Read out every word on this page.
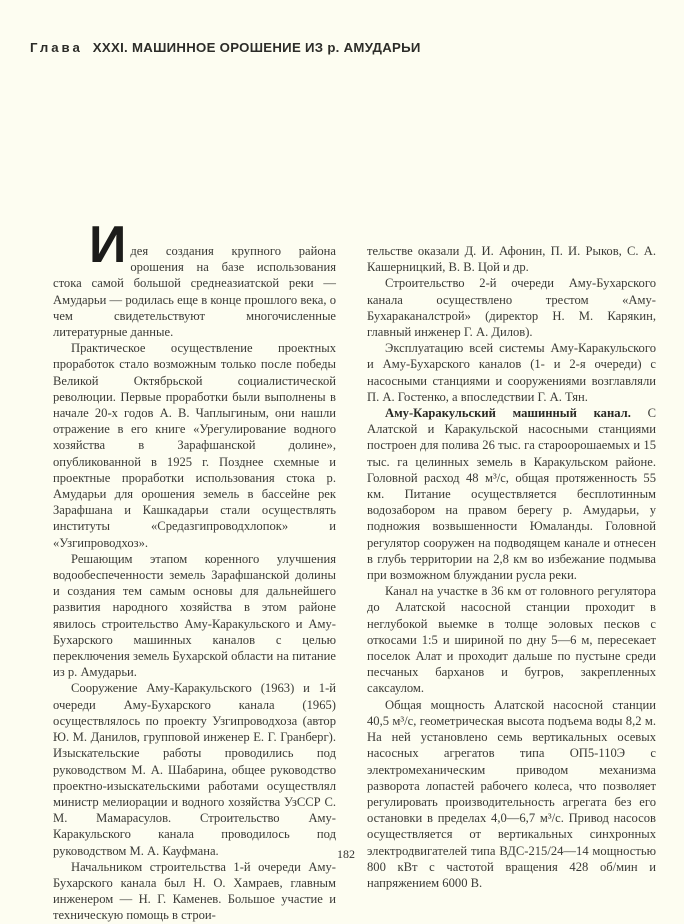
Глава XXXI. МАШИННОЕ ОРОШЕНИЕ ИЗ р. АМУДАРЬИ

Идея создания крупного района орошения на базе использования стока самой большой среднеазиатской реки — Амударьи — родилась еще в конце прошлого века, о чем свидетельствуют многочисленные литературные данные.

Практическое осуществление проектных проработок стало возможным только после победы Великой Октябрьской социалистической революции. Первые проработки были выполнены в начале 20-х годов А. В. Чаплыгиным, они нашли отражение в его книге «Урегулирование водного хозяйства в Зарафшанской долине», опубликованной в 1925 г. Позднее схемные и проектные проработки использования стока р. Амударьи для орошения земель в бассейне рек Зарафшана и Кашкадарьи стали осуществлять институты «Средазгипроводхлопок» и «Узгипроводхоз».

Решающим этапом коренного улучшения водообеспеченности земель Зарафшанской долины и создания тем самым основы для дальнейшего развития народного хозяйства в этом районе явилось строительство Аму-Каракульского и Аму-Бухарского машинных каналов с целью переключения земель Бухарской области на питание из р. Амударьи.

Сооружение Аму-Каракульского (1963) и 1-й очереди Аму-Бухарского канала (1965) осуществлялось по проекту Узгипроводхоза (автор Ю. М. Данилов, групповой инженер Е. Г. Гранберг). Изыскательские работы проводились под руководством М. А. Шабарина, общее руководство проектно-изыскательскими работами осуществлял министр мелиорации и водного хозяйства УзССР С. М. Мамарасулов. Строительство Аму-Каракульского канала проводилось под руководством М. А. Кауфмана.

Начальником строительства 1-й очереди Аму-Бухарского канала был Н. О. Хамраев, главным инженером — Н. Г. Каменев. Большое участие и техническую помощь в строи-

тельстве оказали Д. И. Афонин, П. И. Рыков, С. А. Кашерницкий, В. В. Цой и др.

Строительство 2-й очереди Аму-Бухарского канала осуществлено трестом «Аму-Бухараканалстрой» (директор Н. М. Карякин, главный инженер Г. А. Дилов).

Эксплуатацию всей системы Аму-Каракульского и Аму-Бухарского каналов (1- и 2-я очереди) с насосными станциями и сооружениями возглавляли П. А. Гостенко, а впоследствии Г. А. Тян.

Аму-Каракульский машинный канал. С Алатской и Каракульской насосными станциями построен для полива 26 тыс. га староорошаемых и 15 тыс. га целинных земель в Каракульском районе. Головной расход 48 м³/с, общая протяженность 55 км. Питание осуществляется бесплотинным водозабором на правом берегу р. Амударьи, у подножия возвышенности Юмаланды. Головной регулятор сооружен на подводящем канале и отнесен в глубь территории на 2,8 км во избежание подмыва при возможном блуждании русла реки.

Канал на участке в 36 км от головного регулятора до Алатской насосной станции проходит в неглубокой выемке в толще эоловых песков с откосами 1:5 и шириной по дну 5—6 м, пересекает поселок Алат и проходит дальше по пустыне среди песчаных барханов и бугров, закрепленных саксаулом.

Общая мощность Алатской насосной станции 40,5 м³/с, геометрическая высота подъема воды 8,2 м. На ней установлено семь вертикальных осевых насосных агрегатов типа ОП5-110Э с электромеханическим приводом механизма разворота лопастей рабочего колеса, что позволяет регулировать производительность агрегата без его остановки в пределах 4,0—6,7 м³/с. Привод насосов осуществляется от вертикальных синхронных электродвигателей типа ВДС-215/24—14 мощностью 800 кВт с частотой вращения 428 об/мин и напряжением 6000 В.

182
